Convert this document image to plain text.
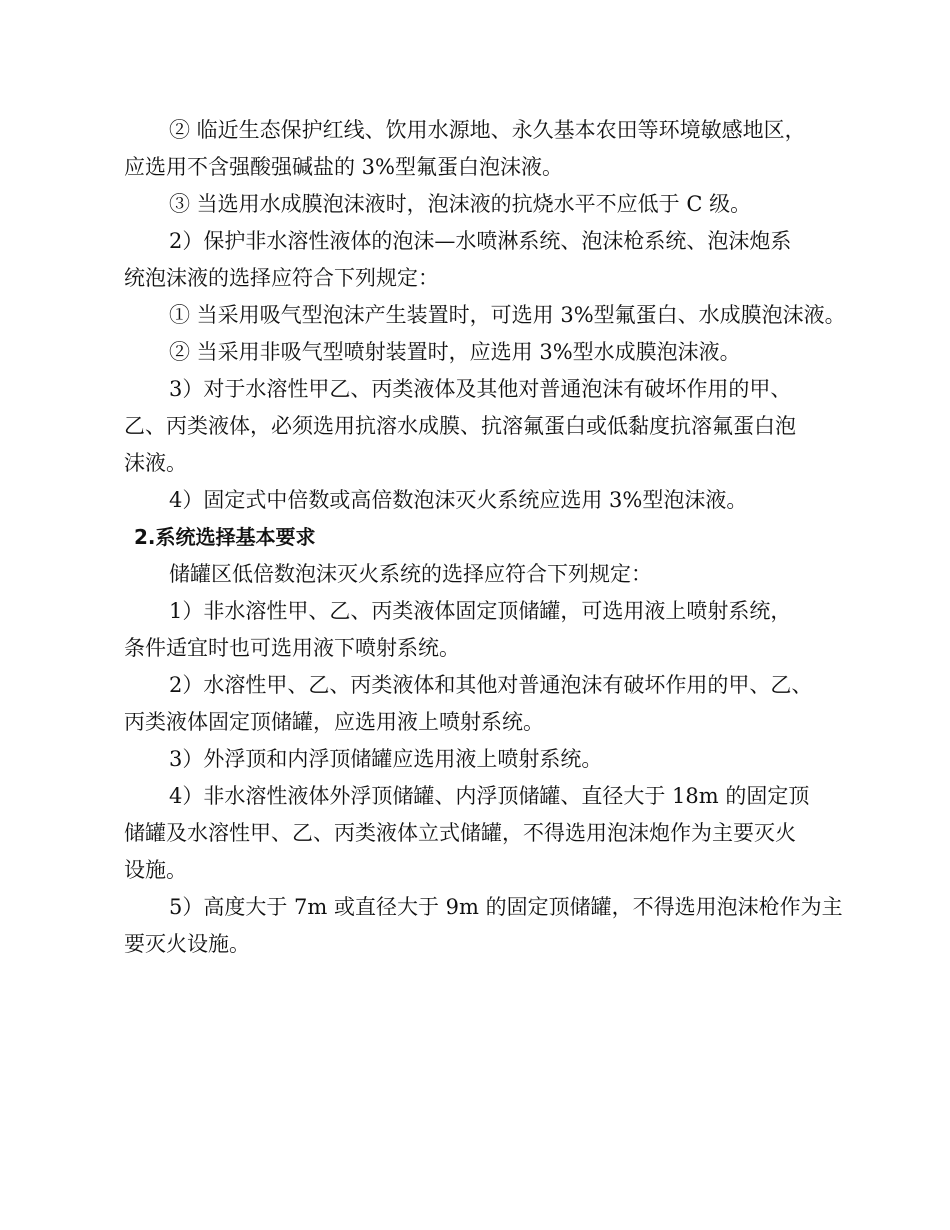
② 临近生态保护红线、饮用水源地、永久基本农田等环境敏感地区，
应选用不含强酸强碱盐的 3%型氟蛋白泡沫液。
③ 当选用水成膜泡沫液时，泡沫液的抗烧水平不应低于 C 级。
2）保护非水溶性液体的泡沫—水喷淋系统、泡沫枪系统、泡沫炮系
统泡沫液的选择应符合下列规定：
① 当采用吸气型泡沫产生装置时，可选用 3%型氟蛋白、水成膜泡沫液。
② 当采用非吸气型喷射装置时，应选用 3%型水成膜泡沫液。
3）对于水溶性甲乙、丙类液体及其他对普通泡沫有破坏作用的甲、
乙、丙类液体，必须选用抗溶水成膜、抗溶氟蛋白或低黏度抗溶氟蛋白泡
沫液。
4）固定式中倍数或高倍数泡沫灭火系统应选用 3%型泡沫液。
2.系统选择基本要求
储罐区低倍数泡沫灭火系统的选择应符合下列规定：
1）非水溶性甲、乙、丙类液体固定顶储罐，可选用液上喷射系统，
条件适宜时也可选用液下喷射系统。
2）水溶性甲、乙、丙类液体和其他对普通泡沫有破坏作用的甲、乙、
丙类液体固定顶储罐，应选用液上喷射系统。
3）外浮顶和内浮顶储罐应选用液上喷射系统。
4）非水溶性液体外浮顶储罐、内浮顶储罐、直径大于 18m 的固定顶
储罐及水溶性甲、乙、丙类液体立式储罐，不得选用泡沫炮作为主要灭火
设施。
5）高度大于 7m 或直径大于 9m 的固定顶储罐，不得选用泡沫枪作为主
要灭火设施。
